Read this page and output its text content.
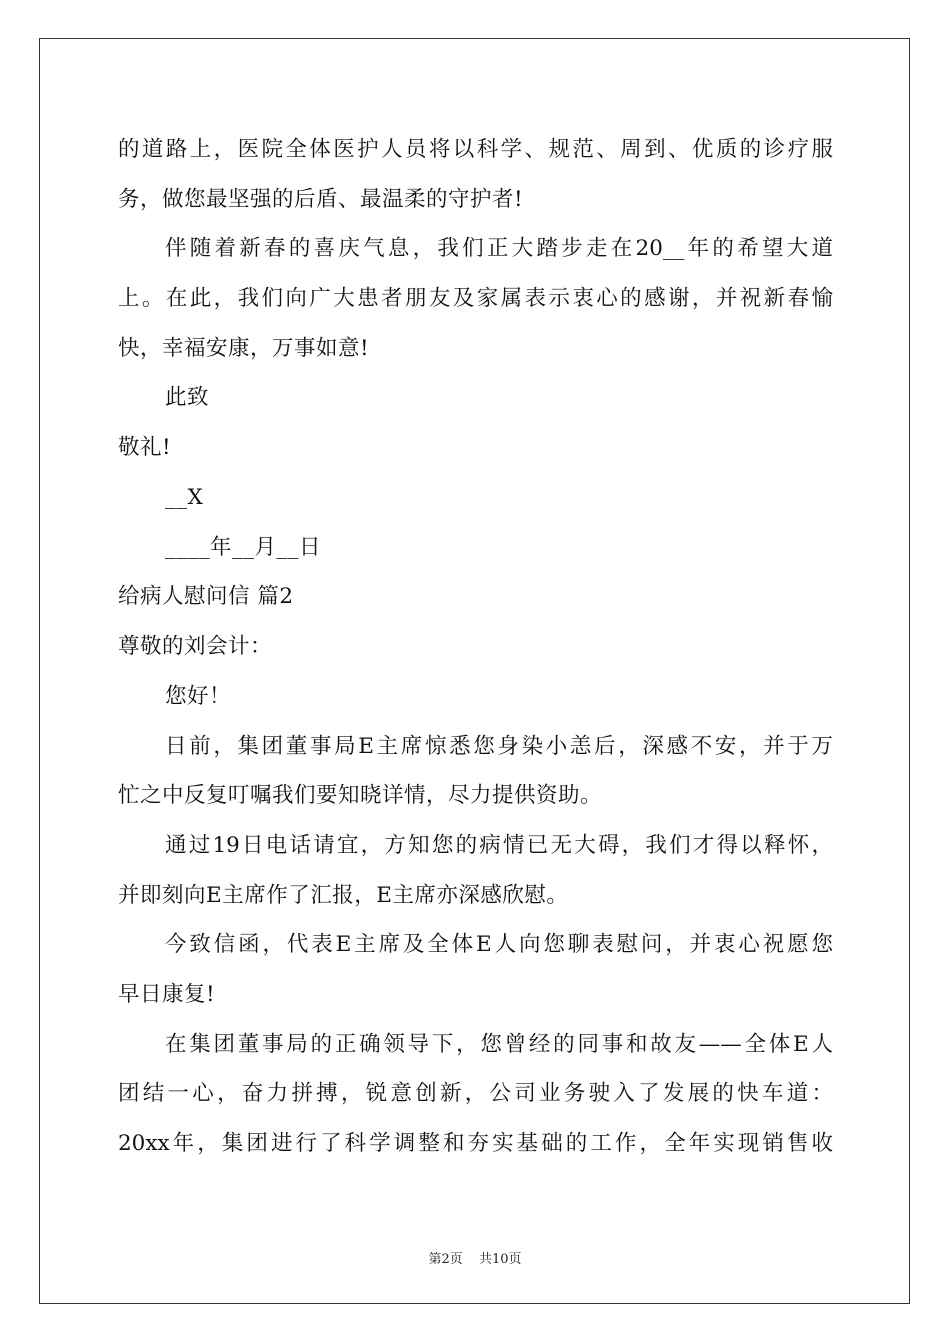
的道路上，医院全体医护人员将以科学、规范、周到、优质的诊疗服
务，做您最坚强的后盾、最温柔的守护者!
伴随着新春的喜庆气息，我们正大踏步走在20__年的希望大道
上。在此，我们向广大患者朋友及家属表示衷心的感谢，并祝新春愉
快，幸福安康，万事如意!
此致
敬礼!
__X
____年__月__日
给病人慰问信 篇2
尊敬的刘会计：
您好！
日前，集团董事局E主席惊悉您身染小恙后，深感不安，并于万
忙之中反复叮嘱我们要知晓详情，尽力提供资助。
通过19日电话请宜，方知您的病情已无大碍，我们才得以释怀，
并即刻向E主席作了汇报，E主席亦深感欣慰。
今致信函，代表E主席及全体E人向您聊表慰问，并衷心祝愿您
早日康复!
在集团董事局的正确领导下，您曾经的同事和故友——全体E人
团结一心，奋力拼搏，锐意创新，公司业务驶入了发展的快车道：
20xx年，集团进行了科学调整和夯实基础的工作，全年实现销售收
第2页 共10页
